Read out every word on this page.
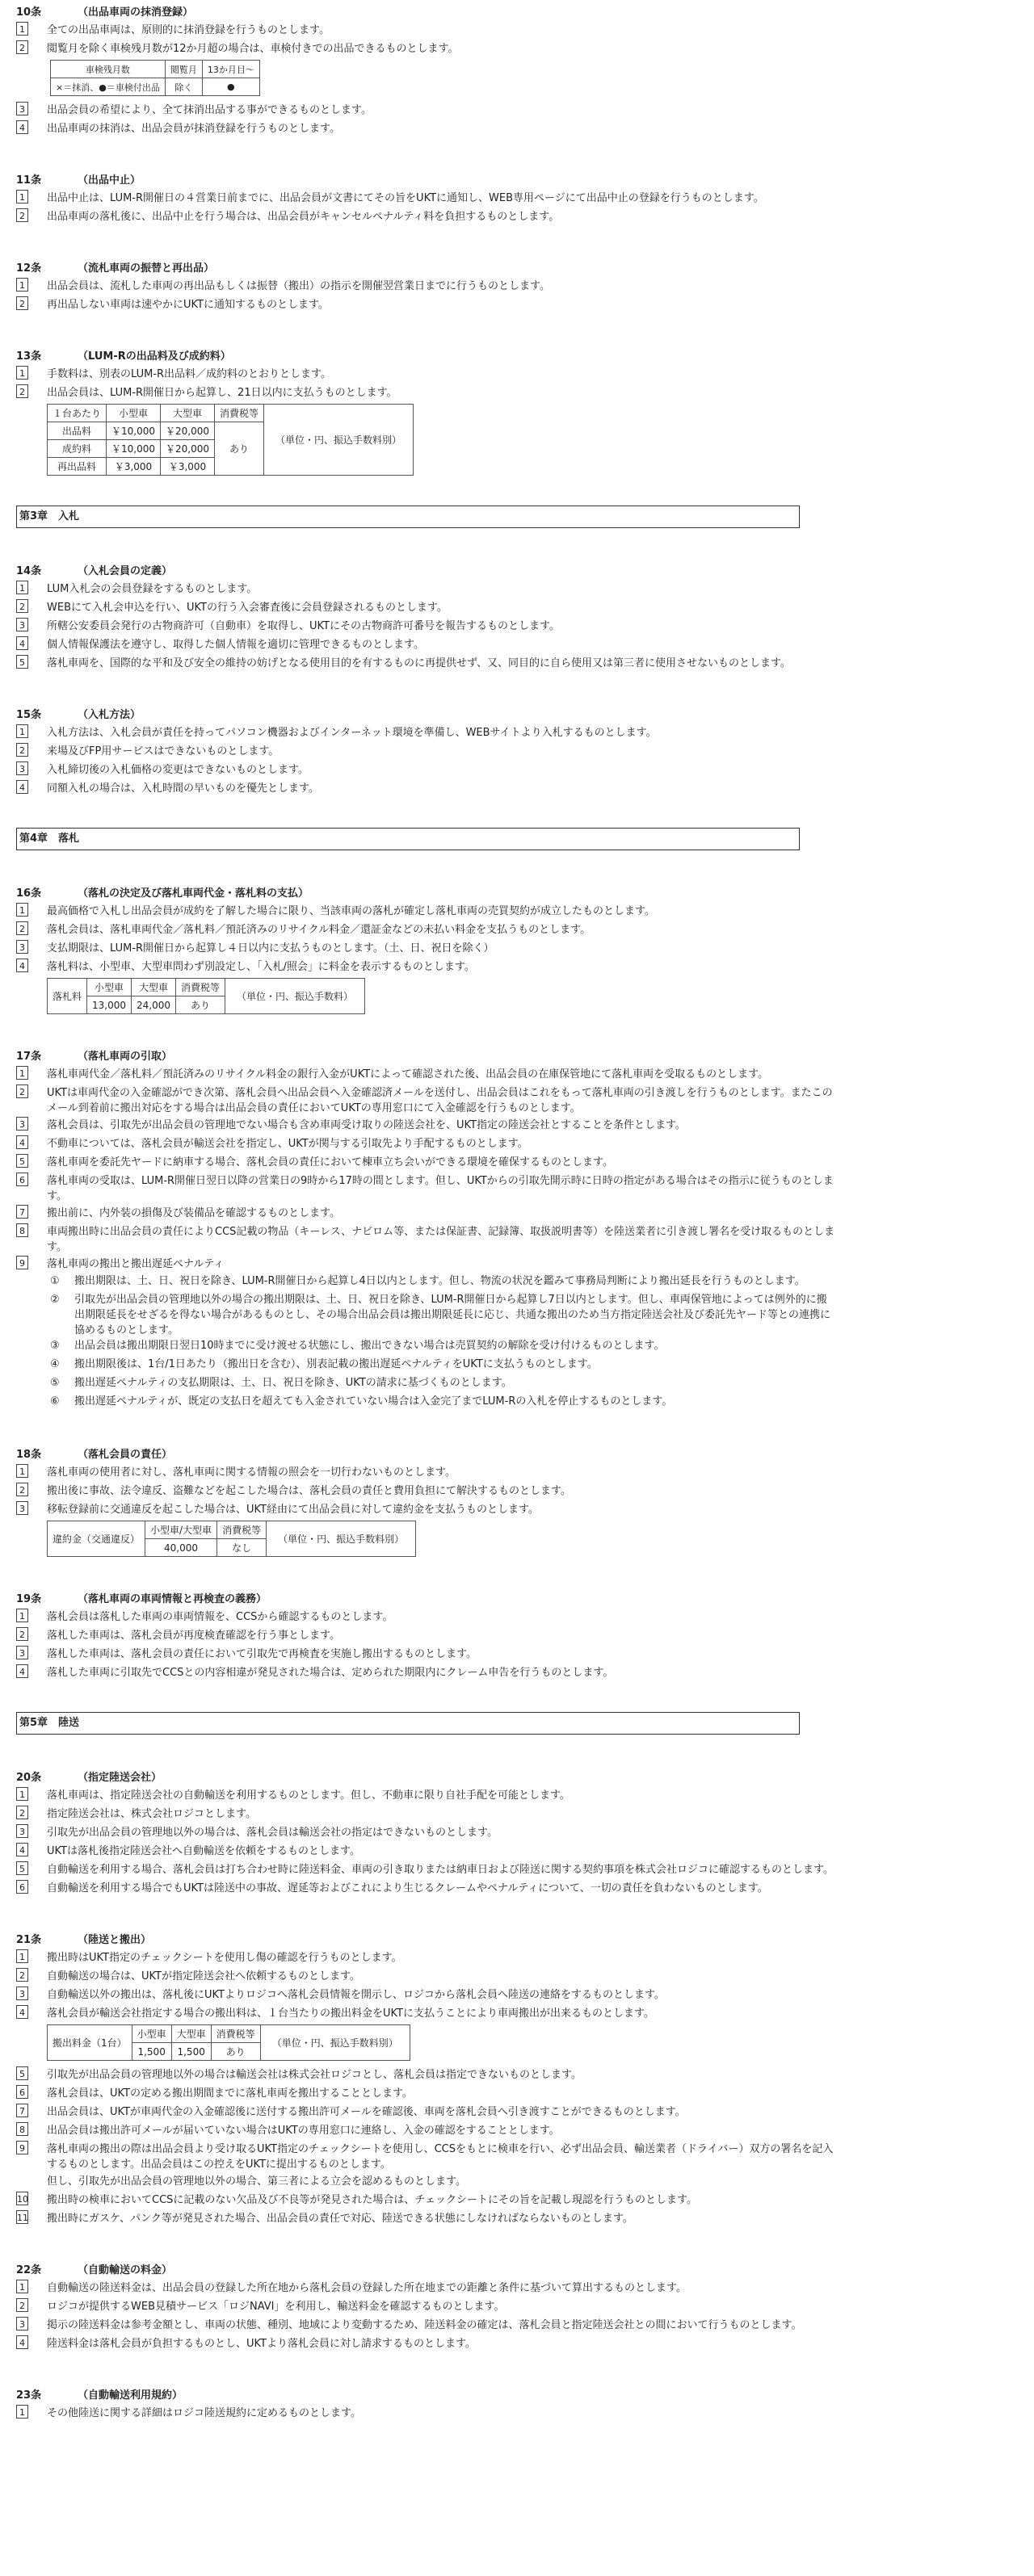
10条	（出品車両の抹消登録）
1	全ての出品車両は、原則的に抹消登録を行うものとします。
2	閲覧月を除く車検残月数が12か月超の場合は、車検付きでの出品できるものとします。
車検残月数	閲覧月	13か月目～
×＝抹消、●＝車検付出品	除く	●
3	出品会員の希望により、全て抹消出品する事ができるものとします。
4	出品車両の抹消は、出品会員が抹消登録を行うものとします。
11条	（出品中止）
1	出品中止は、LUM-R開催日の４営業日前までに、出品会員が文書にてその旨をUKTに通知し、WEB専用ページにて出品中止の登録を行うものとします。
2	出品車両の落札後に、出品中止を行う場合は、出品会員がキャンセルペナルティ料を負担するものとします。
12条	（流札車両の振替と再出品）
1	出品会員は、流札した車両の再出品もしくは振替（搬出）の指示を開催翌営業日までに行うものとします。
2	再出品しない車両は速やかにUKTに通知するものとします。
13条	（LUM-Rの出品料及び成約料）
1	手数料は、別表のLUM-R出品料／成約料のとおりとします。
2	出品会員は、LUM-R開催日から起算し、21日以内に支払うものとします。
１台あたり	小型車	大型車	消費税等	（単位・円、振込手数料別）
出品料	￥10,000	￥20,000	あり	
成約料	￥10,000	￥20,000		
再出品料	￥3,000	￥3,000		
第3章　入札
14条	（入札会員の定義）
1	LUM入札会の会員登録をするものとします。
2	WEBにて入札会申込を行い、UKTの行う入会審査後に会員登録されるものとします。
3	所轄公安委員会発行の古物商許可（自動車）を取得し、UKTにその古物商許可番号を報告するものとします。
4	個人情報保護法を遵守し、取得した個人情報を適切に管理できるものとします。
5	落札車両を、国際的な平和及び安全の維持の妨げとなる使用目的を有するものに再提供せず、又、同目的に自ら使用又は第三者に使用させないものとします。
15条	（入札方法）
1	入札方法は、入札会員が責任を持ってパソコン機器およびインターネット環境を準備し、WEBサイトより入札するものとします。
2	来場及びFP用サービスはできないものとします。
3	入札締切後の入札価格の変更はできないものとします。
4	同額入札の場合は、入札時間の早いものを優先とします。
第4章　落札
16条	（落札の決定及び落札車両代金・落札料の支払）
1	最高価格で入札し出品会員が成約を了解した場合に限り、当該車両の落札が確定し落札車両の売買契約が成立したものとします。
2	落札会員は、落札車両代金／落札料／預託済みのリサイクル料金／還証金などの未払い料金を支払うものとします。
3	支払期限は、LUM-R開催日から起算し４日以内に支払うものとします。（土、日、祝日を除く）
4	落札料は、小型車、大型車問わず別設定し、「入札/照会」に料金を表示するものとします。
落札料	小型車	大型車	消費税等	（単位・円、振込手数料）
	13,000	24,000	あり	
17条	（落札車両の引取）
1	落札車両代金／落札料／預託済みのリサイクル料金の銀行入金がUKTによって確認された後、出品会員の在庫保管地にて落札車両を受取るものとします。
2	UKTは車両代金の入金確認ができ次第、落札会員へ出品会員へ入金確認済メールを送付し、出品会員はこれをもって落札車両の引き渡しを行うものとします。またこのメール到着前に搬出対応をする場合は出品会員の責任においてUKTの専用窓口にて入金確認を行うものとします。
3	落札会員は、引取先が出品会員の管理地でない場合も含め車両受け取りの陸送会社を、UKT指定の陸送会社とすることを条件とします。
4	不動車については、落札会員が輸送会社を指定し、UKTが関与する引取先より手配するものとします。
5	落札車両を委託先ヤードに納車する場合、落札会員の責任において棟車立ち会いができる環境を確保するものとします。
6	落札車両の受取は、LUM-R開催日翌日以降の営業日の9時から17時の間とします。但し、UKTからの引取先開示時に日時の指定がある場合はその指示に従うものとします。
7	搬出前に、内外装の損傷及び装備品を確認するものとします。
8	車両搬出時に出品会員の責任によりCCS記載の物品（キーレス、ナビロム等、または保証書、記録簿、取扱説明書等）を陸送業者に引き渡し署名を受け取るものとします。
9	落札車両の搬出と搬出遅延ペナルティ
①	搬出期限は、土、日、祝日を除き、LUM-R開催日から起算し4日以内とします。但し、物流の状況を鑑みて事務局判断により搬出延長を行うものとします。
②	引取先が出品会員の管理地以外の場合の搬出期限は、土、日、祝日を除き、LUM-R開催日から起算し7日以内とします。但し、車両保管地によっては例外的に搬出期限延長をせざるを得ない場合があるものとし、その場合出品会員は搬出期限延長に応じ、共通な搬出のため当方指定陸送会社及び委託先ヤード等との連携に協めるものとします。
③	出品会員は搬出期限日翌日10時までに受け渡せる状態にし、搬出できない場合は売買契約の解除を受け付けるものとします。
④	搬出期限後は、1台/1日あたり（搬出日を含む）、別表記載の搬出遅延ペナルティをUKTに支払うものとします。
⑤	搬出遅延ペナルティの支払期限は、土、日、祝日を除き、UKTの請求に基づくものとします。
⑥	搬出遅延ペナルティが、既定の支払日を超えても入金されていない場合は入金完了までLUM-Rの入札を停止するものとします。
18条	（落札会員の責任）
1	落札車両の使用者に対し、落札車両に関する情報の照会を一切行わないものとします。
2	搬出後に事故、法令違反、盗難などを起こした場合は、落札会員の責任と費用負担にて解決するものとします。
3	移転登録前に交通違反を起こした場合は、UKT経由にて出品会員に対して違約金を支払うものとします。
違約金（交通違反）	小型車/大型車	消費税等	（単位・円、振込手数料別）
	40,000	なし	
19条	（落札車両の車両情報と再検査の義務）
1	落札会員は落札した車両の車両情報を、CCSから確認するものとします。
2	落札した車両は、落札会員が再度検査確認を行う事とします。
3	落札した車両は、落札会員の責任において引取先で再検査を実施し搬出するものとします。
4	落札した車両に引取先でCCSとの内容相違が発見された場合は、定められた期限内にクレーム申告を行うものとします。
第5章　陸送
20条	（指定陸送会社）
1	落札車両は、指定陸送会社の自動輸送を利用するものとします。但し、不動車に限り自社手配を可能とします。
2	指定陸送会社は、株式会社ロジコとします。
3	引取先が出品会員の管理地以外の場合は、落札会員は輸送会社の指定はできないものとします。
4	UKTは落札後指定陸送会社へ自動輸送を依頼をするものとします。
5	自動輸送を利用する場合、落札会員は打ち合わせ時に陸送料金、車両の引き取りまたは納車日および陸送に関する契約事項を株式会社ロジコに確認するものとします。
6	自動輸送を利用する場合でもUKTは陸送中の事故、遅延等およびこれにより生じるクレームやペナルティについて、一切の責任を負わないものとします。
21条	（陸送と搬出）
1	搬出時はUKT指定のチェックシートを使用し傷の確認を行うものとします。
2	自動輸送の場合は、UKTが指定陸送会社へ依頼するものとします。
3	自動輸送以外の搬出は、落札後にUKTよりロジコへ落札会員情報を開示し、ロジコから落札会員へ陸送の連絡をするものとします。
4	落札会員が輸送会社指定する場合の搬出料は、１台当たりの搬出料金をUKTに支払うことにより車両搬出が出来るものとします。
搬出料金（1台）	小型車	大型車	消費税等	（単位・円、振込手数料別）
	1,500	1,500	あり	
5	引取先が出品会員の管理地以外の場合は輸送会社は株式会社ロジコとし、落札会員は指定できないものとします。
6	落札会員は、UKTの定める搬出期間までに落札車両を搬出することとします。
7	出品会員は、UKTが車両代金の入金確認後に送付する搬出許可メールを確認後、車両を落札会員へ引き渡すことができるものとします。
8	出品会員は搬出許可メールが届いていない場合はUKTの専用窓口に連絡し、入金の確認をすることとします。
9	落札車両の搬出の際は出品会員より受け取るUKT指定のチェックシートを使用し、CCSをもとに検車を行い、必ず出品会員、輸送業者（ドライバー）双方の署名を記入するものとします。出品会員はこの控えをUKTに提出するものとします。
但し、引取先が出品会員の管理地以外の場合、第三者による立会を認めるものとします。
10 搬出時の検車においてCCSに記載のない欠品及び不良等が発見された場合は、チェックシートにその旨を記載し現認を行うものとします。
11 搬出時にガスケ、パンク等が発見された場合、出品会員の責任で対応、陸送できる状態にしなければならないものとします。
22条	（自動輸送の料金）
1	自動輸送の陸送料金は、出品会員の登録した所在地から落札会員の登録した所在地までの距離と条件に基づいて算出するものとします。
2	ロジコが提供するWEB見積サービス「ロジNAVI」を利用し、輸送料金を確認するものとします。
3	掲示の陸送料金は参考金額とし、車両の状態、種別、地域により変動するため、陸送料金の確定は、落札会員と指定陸送会社との間において行うものとします。
4	陸送料金は落札会員が負担するものとし、UKTより落札会員に対し請求するものとします。
23条	（自動輸送利用規約）
1	その他陸送に関する詳細はロジコ陸送規約に定めるものとします。
